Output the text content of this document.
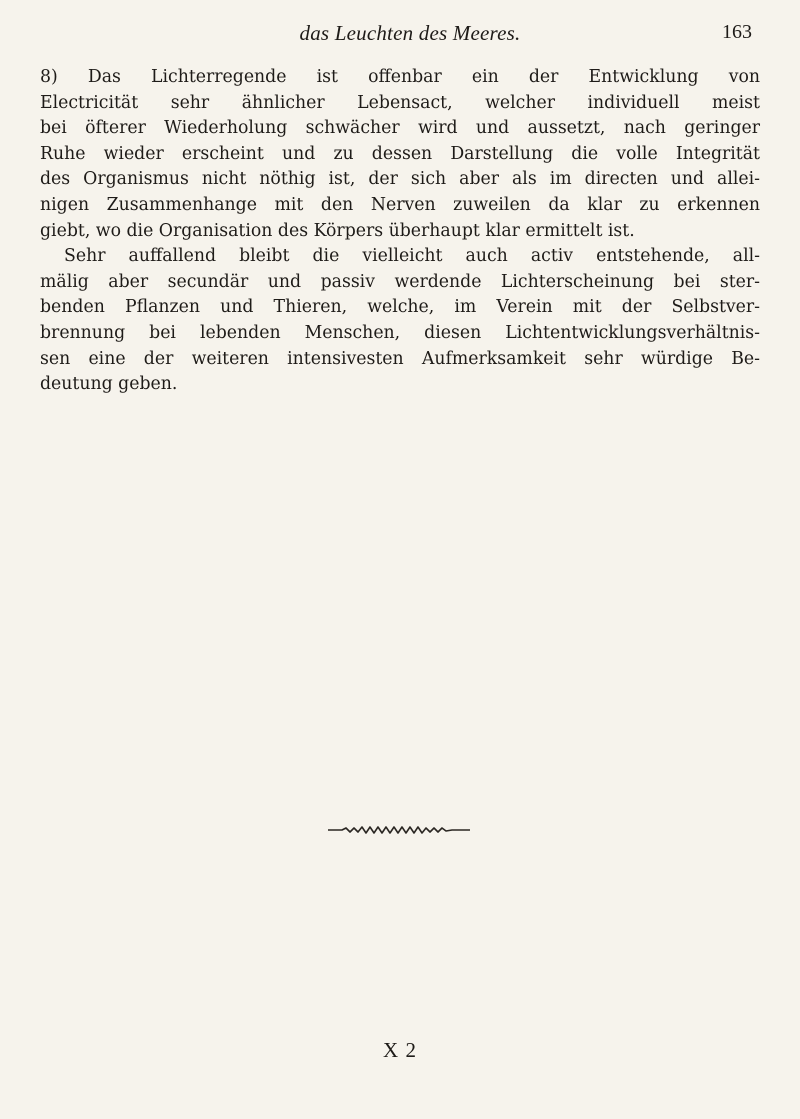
das Leuchten des Meeres.	163
8) Das Lichterregende ist offenbar ein der Entwicklung von
Electricität sehr ähnlicher Lebensact, welcher individuell meist
bei öfterer Wiederholung schwächer wird und aussetzt, nach geringer
Ruhe wieder erscheint und zu dessen Darstellung die volle Integrität
des Organismus nicht nöthig ist, der sich aber als im directen und allei-
nigen Zusammenhange mit den Nerven zuweilen da klar zu erkennen
giebt, wo die Organisation des Körpers überhaupt klar ermittelt ist.
Sehr auffallend bleibt die vielleicht auch activ entstehende, all-
mälig aber secundär und passiv werdende Lichterscheinung bei ster-
benden Pflanzen und Thieren, welche, im Verein mit der Selbstver-
brennung bei lebenden Menschen, diesen Lichtentwicklungsverhältnis-
sen eine der weiteren intensivesten Aufmerksamkeit sehr würdige Be-
deutung geben.
X 2
